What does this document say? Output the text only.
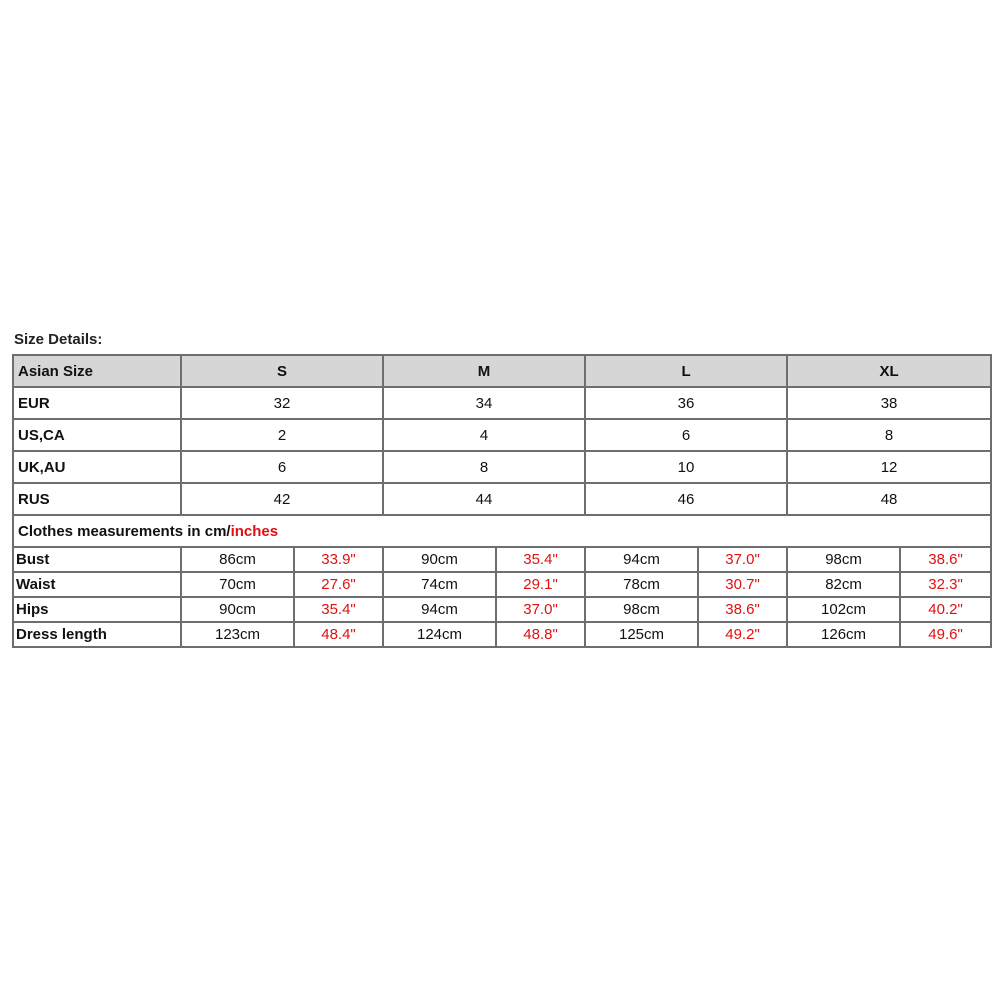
Size Details:
Asian Size	S		M		L		XL	
EUR	32		34		36		38	
US,CA	2		4		6		8	
UK,AU	6		8		10		12	
RUS	42		44		46		48	
Clothes measurements in cm/inches								
Bust	86cm	33.9"	90cm	35.4"	94cm	37.0"	98cm	38.6"
Waist	70cm	27.6"	74cm	29.1"	78cm	30.7"	82cm	32.3"
Hips	90cm	35.4"	94cm	37.0"	98cm	38.6"	102cm	40.2"
Dress length	123cm	48.4"	124cm	48.8"	125cm	49.2"	126cm	49.6"
